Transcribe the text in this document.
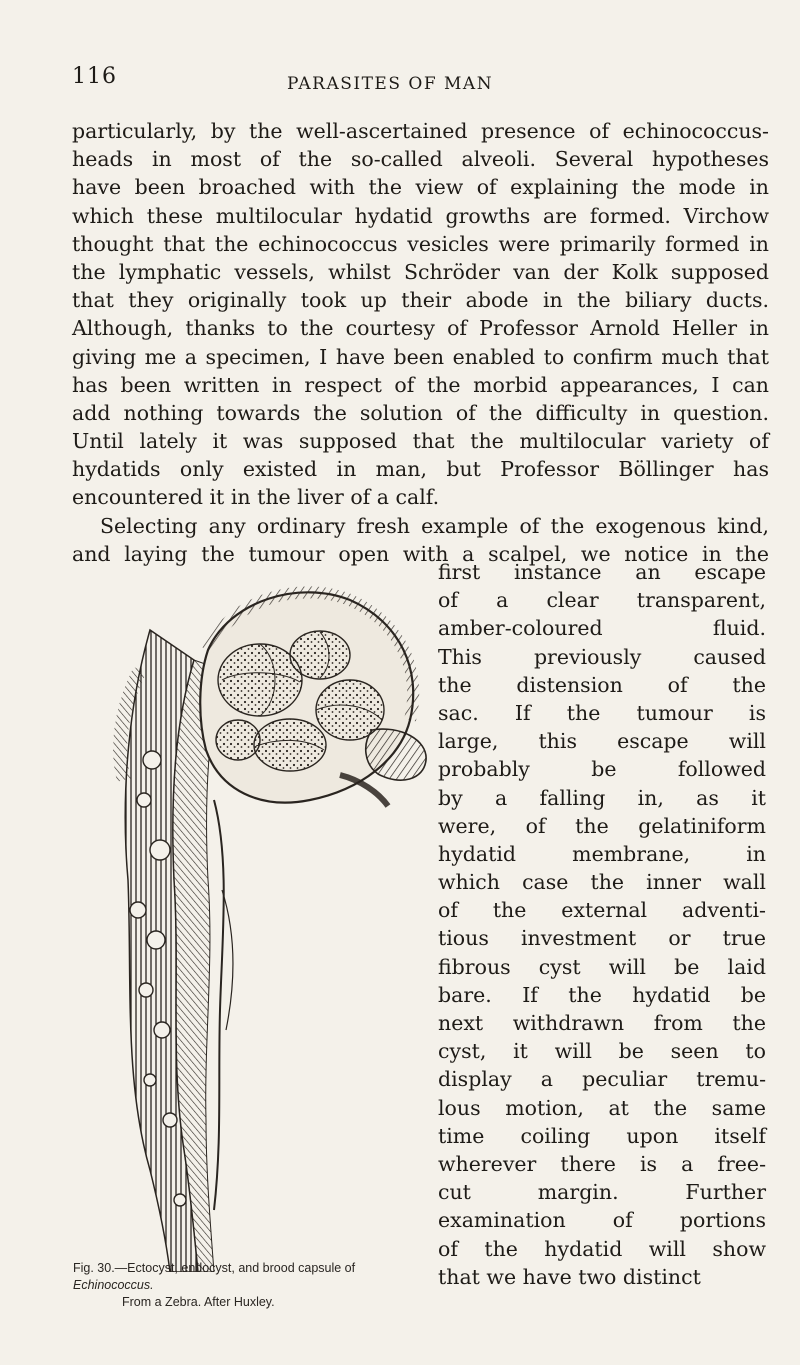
116	PARASITES OF MAN
particularly, by the well-ascertained presence of echinococcus-
heads in most of the so-called alveoli. Several hypotheses
have been broached with the view of explaining the mode in
which these multilocular hydatid growths are formed. Virchow
thought that the echinococcus vesicles were primarily formed in
the lymphatic vessels, whilst Schröder van der Kolk supposed
that they originally took up their abode in the biliary ducts.
Although, thanks to the courtesy of Professor Arnold Heller in
giving me a specimen, I have been enabled to confirm much that
has been written in respect of the morbid appearances, I can
add nothing towards the solution of the difficulty in question.
Until lately it was supposed that the multilocular variety of
hydatids only existed in man, but Professor Böllinger has
encountered it in the liver of a calf.
Selecting any ordinary fresh example of the exogenous kind,
and laying the tumour open with a scalpel, we notice in the
first instance an escape
of a clear transparent,
amber-coloured fluid.
This previously caused
the distension of the
sac. If the tumour is
large, this escape will
probably be followed
by a falling in, as it
were, of the gelatiniform
hydatid membrane, in
which case the inner wall
of the external adventi-
tious investment or true
fibrous cyst will be laid
bare. If the hydatid be
next withdrawn from the
cyst, it will be seen to
display a peculiar tremu-
lous motion, at the same
time coiling upon itself
wherever there is a free-
cut margin. Further
examination of portions
of the hydatid will show
that we have two distinct
Fig. 30.—Ectocyst, endocyst, and brood capsule of Echinococcus.
From a Zebra. After Huxley.
